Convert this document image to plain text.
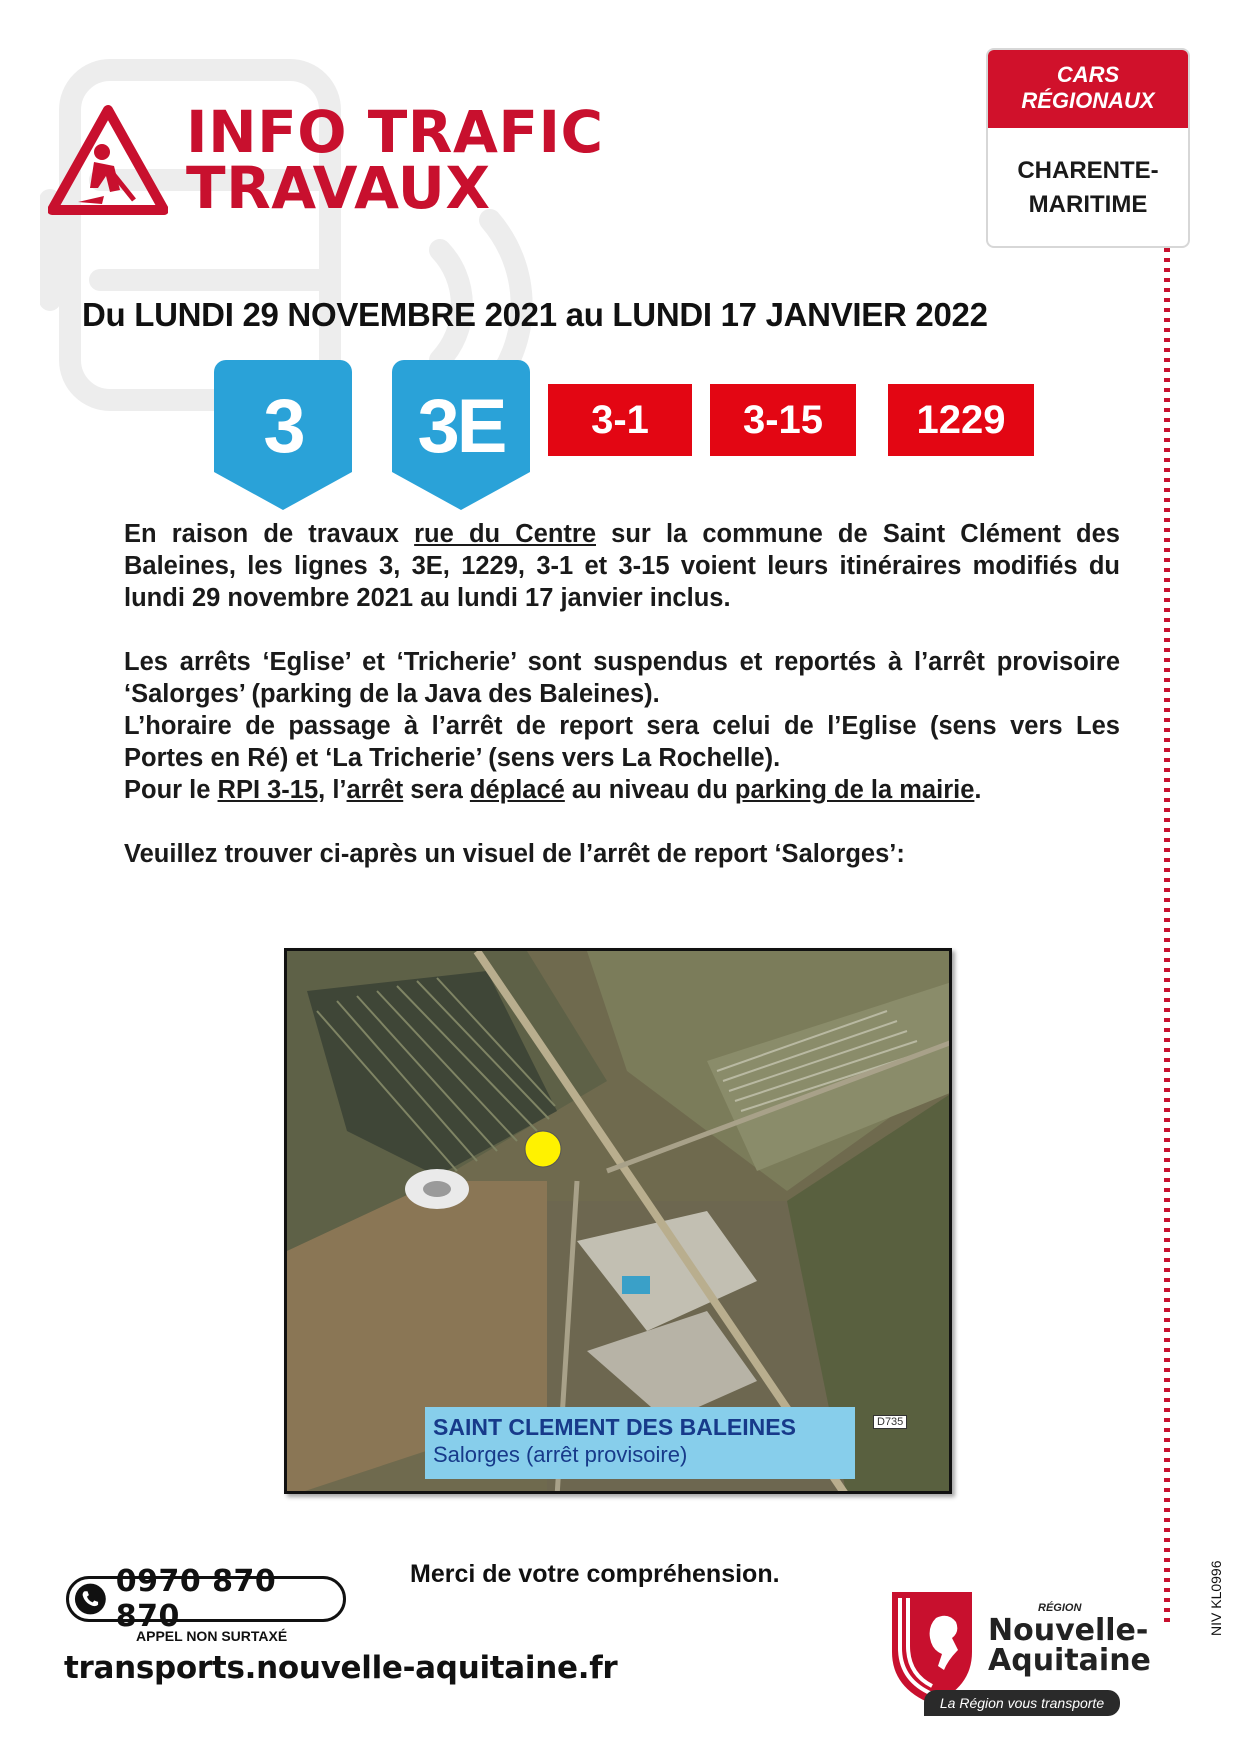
INFO TRAFIC
TRAVAUX
CARS
RÉGIONAUX
CHARENTE-
MARITIME
Du LUNDI 29 NOVEMBRE 2021 au LUNDI 17 JANVIER 2022
3	3E	3-1	3-15	1229

En raison de travaux rue du Centre sur la commune de Saint Clément des Baleines, les lignes 3, 3E, 1229, 3-1 et 3-15 voient leurs itinéraires modifiés du lundi 29 novembre 2021 au lundi 17 janvier inclus.

Les arrêts ‘Eglise’ et ‘Tricherie’ sont suspendus et reportés à l’arrêt provisoire ‘Salorges’ (parking de la Java des Baleines).

L’horaire de passage à l’arrêt de report sera celui de l’Eglise (sens vers Les Portes en Ré) et ‘La Tricherie’ (sens vers La Rochelle).

Pour le RPI 3-15, l’arrêt sera déplacé au niveau du parking de la mairie.

Veuillez trouver ci-après un visuel de l’arrêt de report ‘Salorges’:

D735
SAINT CLEMENT DES BALEINES
Salorges (arrêt provisoire)
Merci de votre compréhension.
0970 870 870
APPEL NON SURTAXÉ
transports.nouvelle-aquitaine.fr
RÉGION
Nouvelle-
Aquitaine
La Région vous transporte
NIV KL0996
